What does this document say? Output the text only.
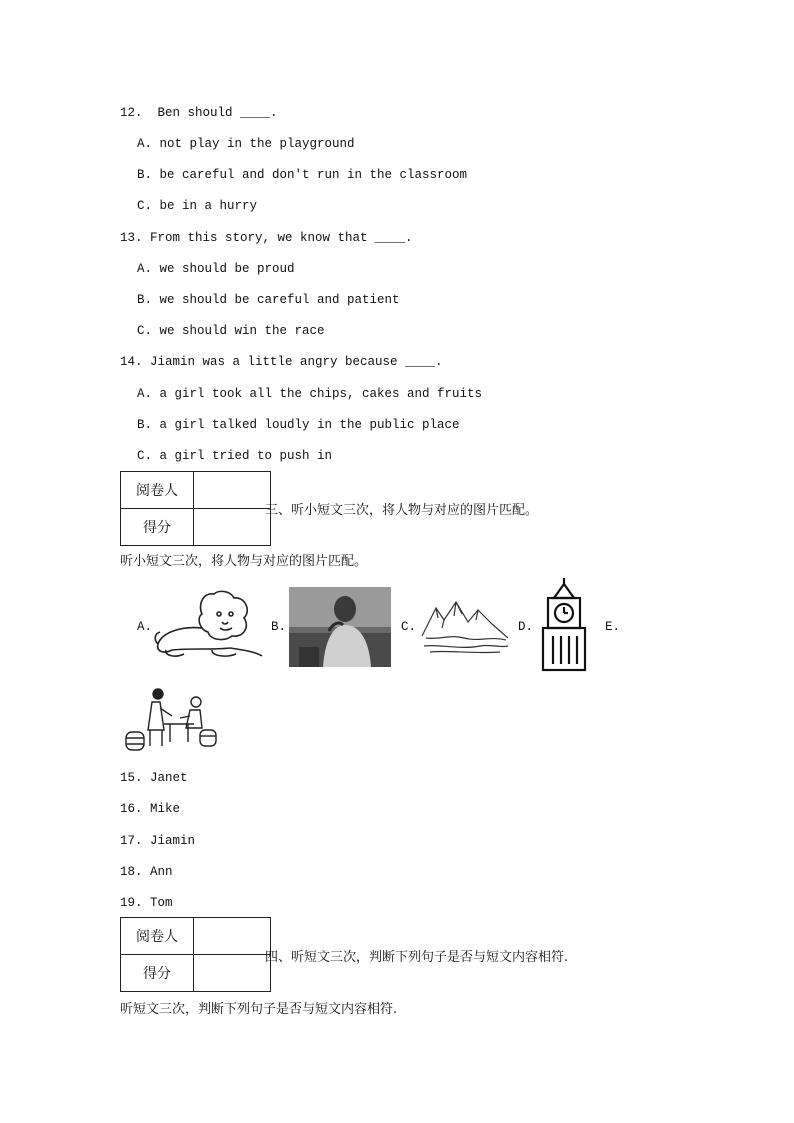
12.  Ben should ____.
A. not play in the playground
B. be careful and don't run in the classroom
C. be in a hurry
13. From this story, we know that ____.
A. we should be proud
B. we should be careful and patient
C. we should win the race
14. Jiamin was a little angry because ____.
A. a girl took all the chips, cakes and fruits
B. a girl talked loudly in the public place
C. a girl tried to push in
阅卷人	
得分	
三、听小短文三次，将人物与对应的图片匹配。
听小短文三次，将人物与对应的图片匹配。
A.	B.	C.	D.	E.
15. Janet
16. Mike
17. Jiamin
18. Ann
19. Tom
阅卷人	
得分	
四、听短文三次，判断下列句子是否与短文内容相符.
听短文三次，判断下列句子是否与短文内容相符.
